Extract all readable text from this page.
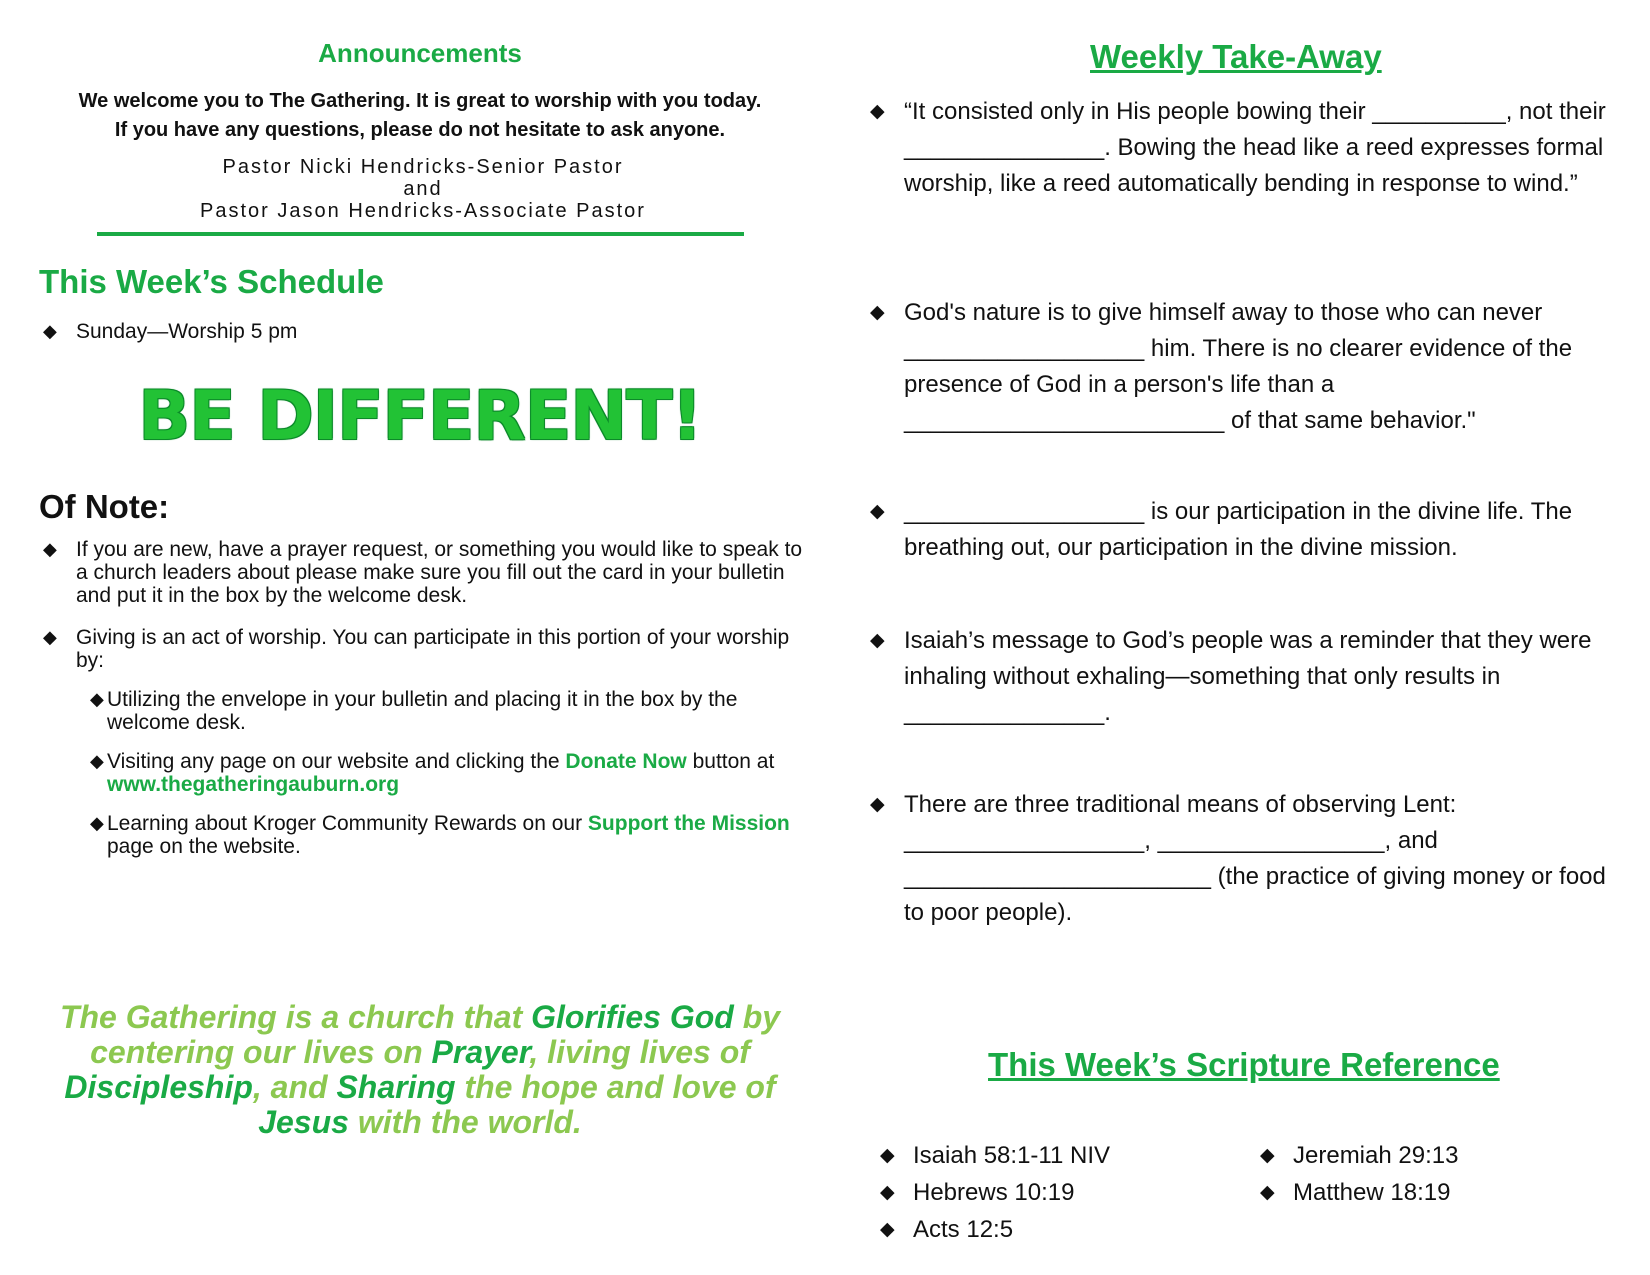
Announcements
We welcome you to The Gathering. It is great to worship with you today.
If you have any questions, please do not hesitate to ask anyone.
Pastor Nicki Hendricks-Senior Pastor
and
Pastor Jason Hendricks-Associate Pastor
This Week’s Schedule
◆ Sunday—Worship 5 pm
BE DIFFERENT!
Of Note:
◆ If you are new, have a prayer request, or something you would like to speak to a church leaders about please make sure you fill out the card in your bulletin and put it in the box by the welcome desk.
◆ Giving is an act of worship. You can participate in this portion of your worship by:
◆ Utilizing the envelope in your bulletin and placing it in the box by the welcome desk.
◆ Visiting any page on our website and clicking the Donate Now button at www.thegatheringauburn.org
◆ Learning about Kroger Community Rewards on our Support the Mission page on the website.
The Gathering is a church that Glorifies God by centering our lives on Prayer, living lives of Discipleship, and Sharing the hope and love of Jesus with the world.
Weekly Take-Away
◆ “It consisted only in His people bowing their __________, not their _______________. Bowing the head like a reed expresses formal worship, like a reed automatically bending in response to wind.”
◆ God's nature is to give himself away to those who can never __________________ him. There is no clearer evidence of the presence of God in a person's life than a ________________________ of that same behavior."
◆ __________________ is our participation in the divine life. The breathing out, our participation in the divine mission.
◆ Isaiah’s message to God’s people was a reminder that they were inhaling without exhaling—something that only results in _______________.
◆ There are three traditional means of observing Lent: __________________, _________________, and _______________________ (the practice of giving money or food to poor people).
This Week’s Scripture Reference
◆ Isaiah 58:1-11 NIV
◆ Hebrews 10:19
◆ Acts 12:5
◆ Jeremiah 29:13
◆ Matthew 18:19
